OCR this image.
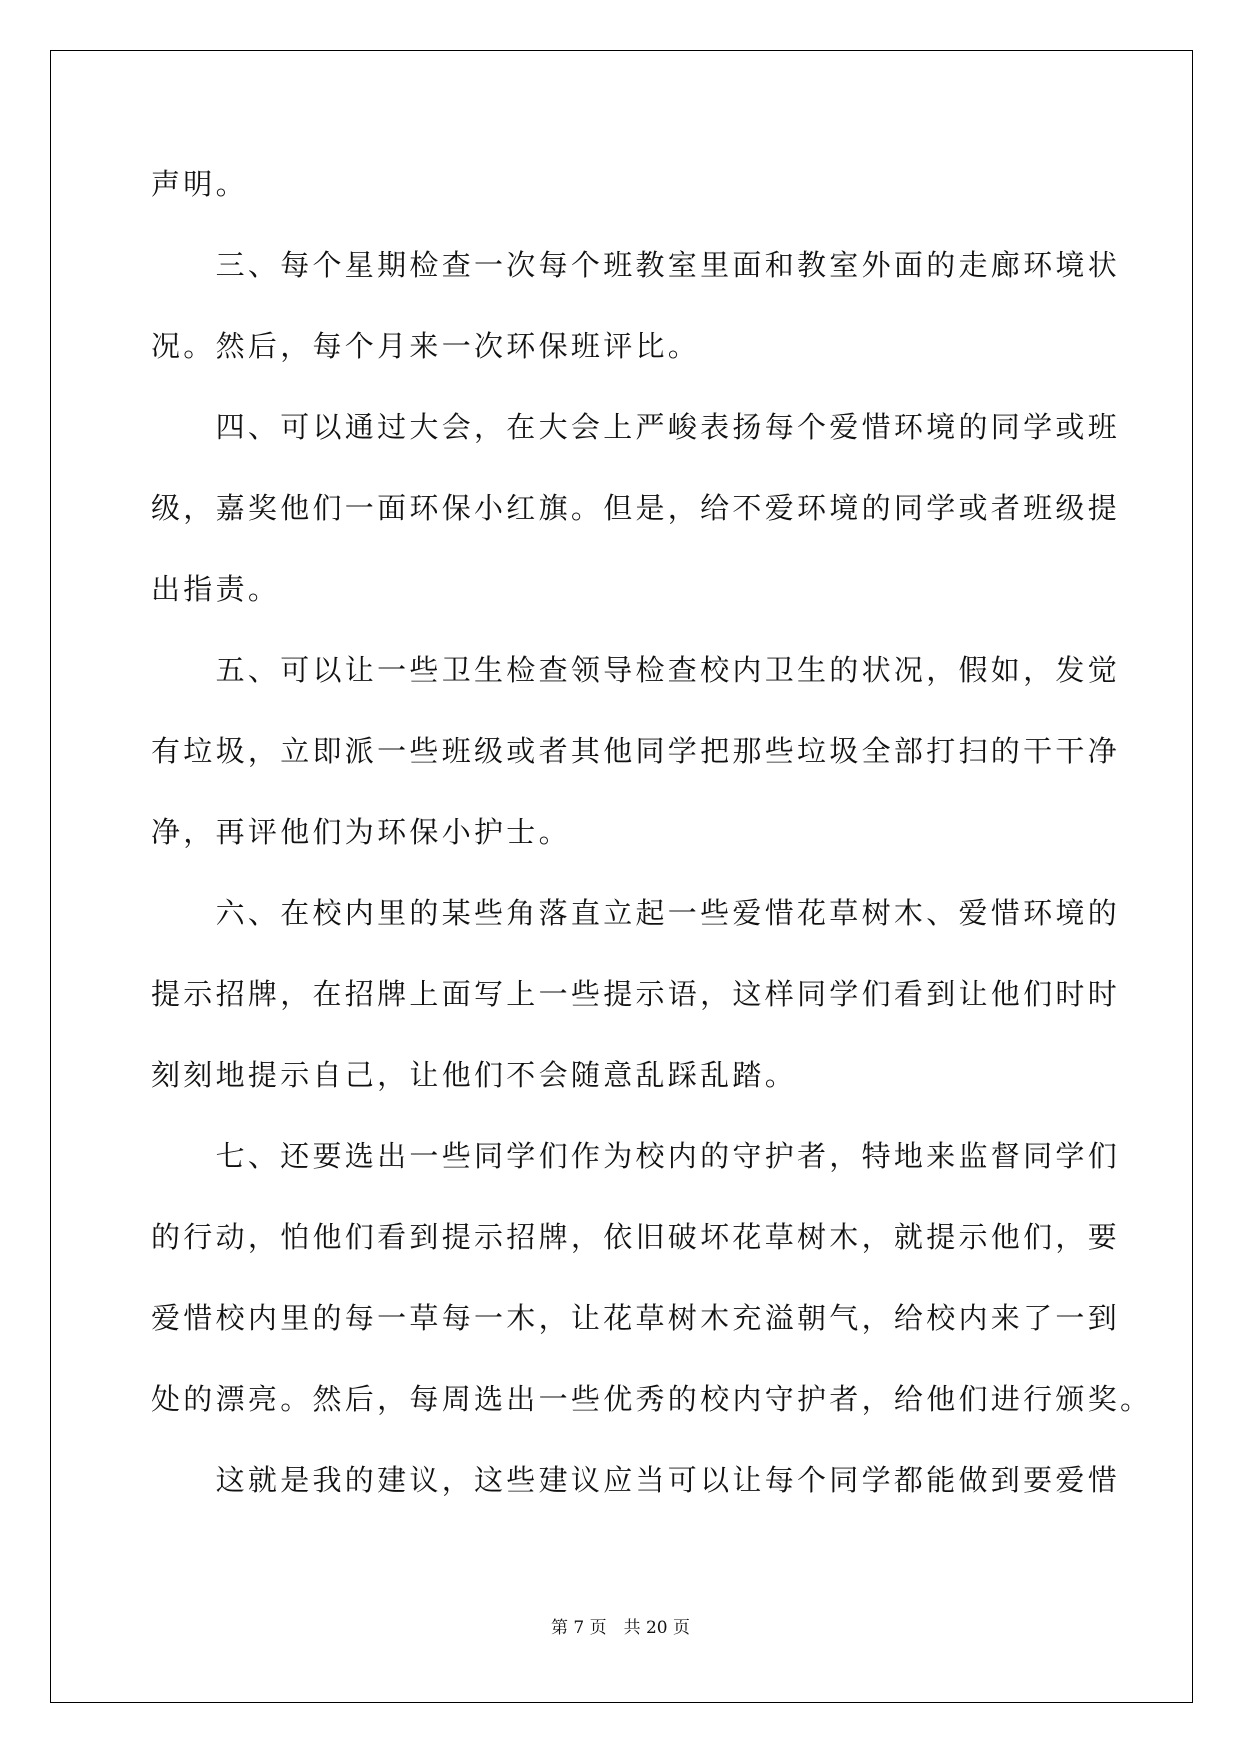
声明。
　　三、每个星期检查一次每个班教室里面和教室外面的走廊环境状
况。然后，每个月来一次环保班评比。
　　四、可以通过大会，在大会上严峻表扬每个爱惜环境的同学或班
级，嘉奖他们一面环保小红旗。但是，给不爱环境的同学或者班级提
出指责。
　　五、可以让一些卫生检查领导检查校内卫生的状况，假如，发觉
有垃圾，立即派一些班级或者其他同学把那些垃圾全部打扫的干干净
净，再评他们为环保小护士。
　　六、在校内里的某些角落直立起一些爱惜花草树木、爱惜环境的
提示招牌，在招牌上面写上一些提示语，这样同学们看到让他们时时
刻刻地提示自己，让他们不会随意乱踩乱踏。
　　七、还要选出一些同学们作为校内的守护者，特地来监督同学们
的行动，怕他们看到提示招牌，依旧破坏花草树木，就提示他们，要
爱惜校内里的每一草每一木，让花草树木充溢朝气，给校内来了一到
处的漂亮。然后，每周选出一些优秀的校内守护者，给他们进行颁奖。
　　这就是我的建议，这些建议应当可以让每个同学都能做到要爱惜
第 7 页　共 20 页
